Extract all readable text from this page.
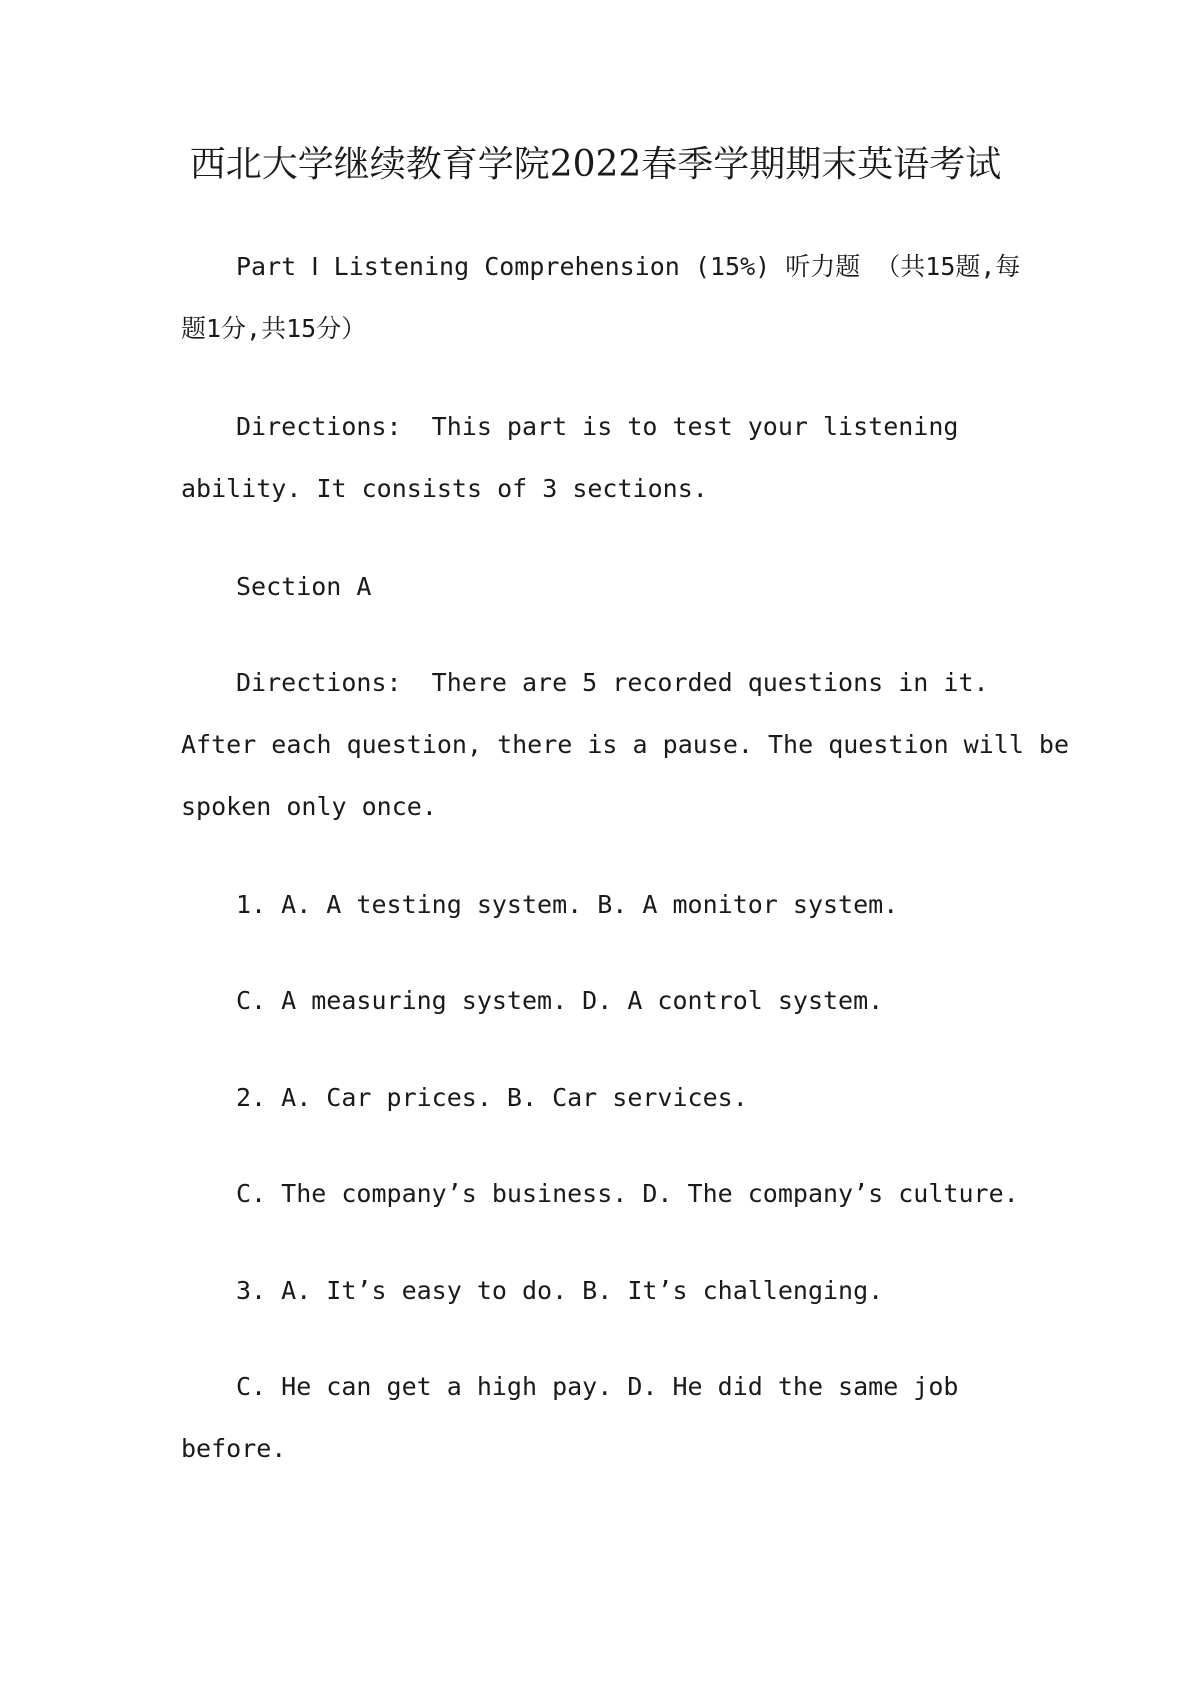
西北大学继续教育学院2022春季学期期末英语考试
Part Ⅰ Listening Comprehension (15%) 听力题 （共15题,每
题1分,共15分）
Directions:  This part is to test your listening
ability. It consists of 3 sections.
Section A
Directions:  There are 5 recorded questions in it.
After each question, there is a pause. The question will be
spoken only once.
1. A. A testing system. B. A monitor system.
C. A measuring system. D. A control system.
2. A. Car prices. B. Car services.
C. The company’s business. D. The company’s culture.
3. A. It’s easy to do. B. It’s challenging.
C. He can get a high pay. D. He did the same job
before.
